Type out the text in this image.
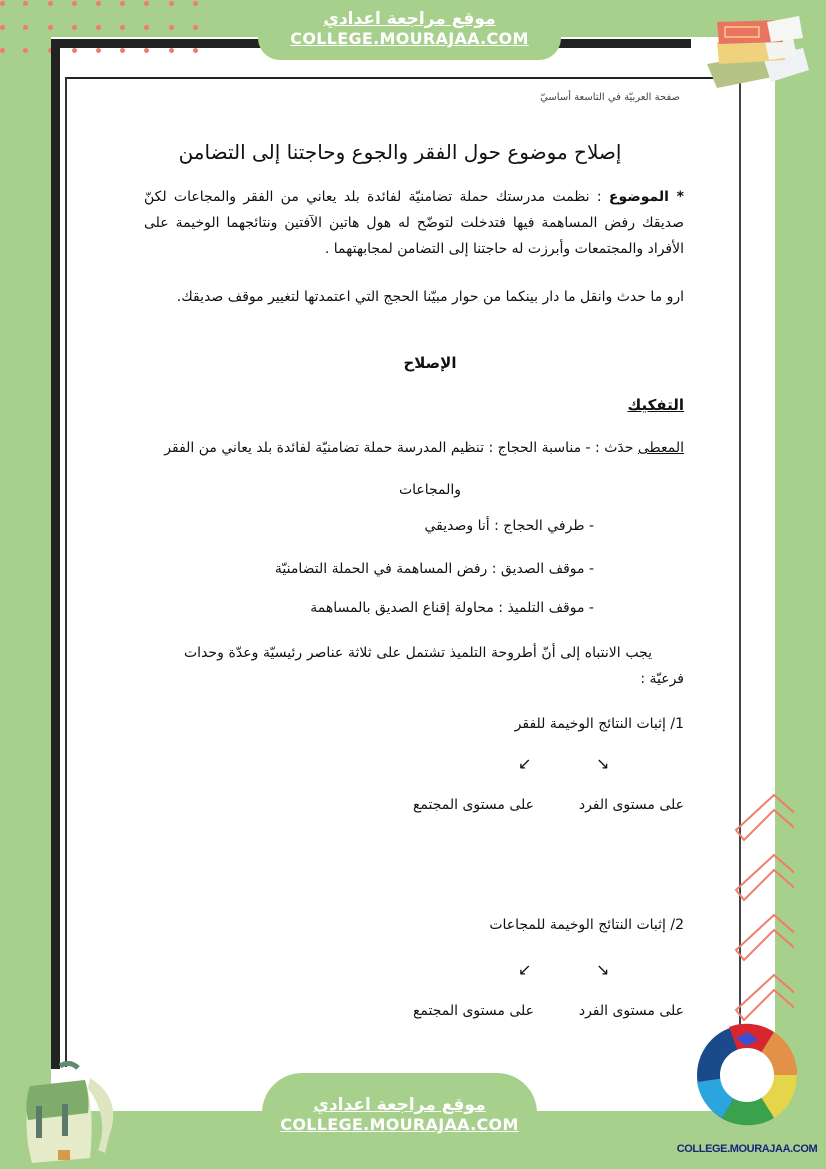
موقع مراجعة اعدادي
COLLEGE.MOURAJAA.COM
صفحة العربيّة في التاسعة أساسيّ
إصلاح موضوع حول الفقر والجوع وحاجتنا إلى التضامن
* الموضوع : نظمت مدرستك حملة تضامنيّة لفائدة بلد يعاني من الفقر والمجاعات لكنّ صديقك رفض المساهمة فيها فتدخلت لتوضّح له هول هاتين الآفتين ونتائجهما الوخيمة على الأفراد والمجتمعات وأبرزت له حاجتنا إلى التضامن لمجابهتهما .
ارو ما حدث وانقل ما دار بينكما من حوار مبيّنا الحجج التي اعتمدتها لتغيير موقف صديقك.
الإصلاح
التفكيك
المعطى حدَث : - مناسبة الحجاج : تنظيم المدرسة حملة تضامنيّة لفائدة بلد يعاني من الفقر
والمجاعات
- طرفي الحجاج : أنا وصديقي
- موقف الصديق : رفض المساهمة في الحملة التضامنيّة
- موقف التلميذ : محاولة إقناع الصديق بالمساهمة
يجب الانتباه إلى أنّ أطروحة التلميذ تشتمل على ثلاثة عناصر رئيسيّة وعدّة وحدات فرعيّة :
1/ إثبات النتائج الوخيمة للفقر
↘
↙
على مستوى الفرد
على مستوى المجتمع
2/ إثبات النتائج الوخيمة للمجاعات
↘
↙
على مستوى الفرد
على مستوى المجتمع
موقع مراجعة اعدادي
COLLEGE.MOURAJAA.COM
COLLEGE.MOURAJAA.COM
